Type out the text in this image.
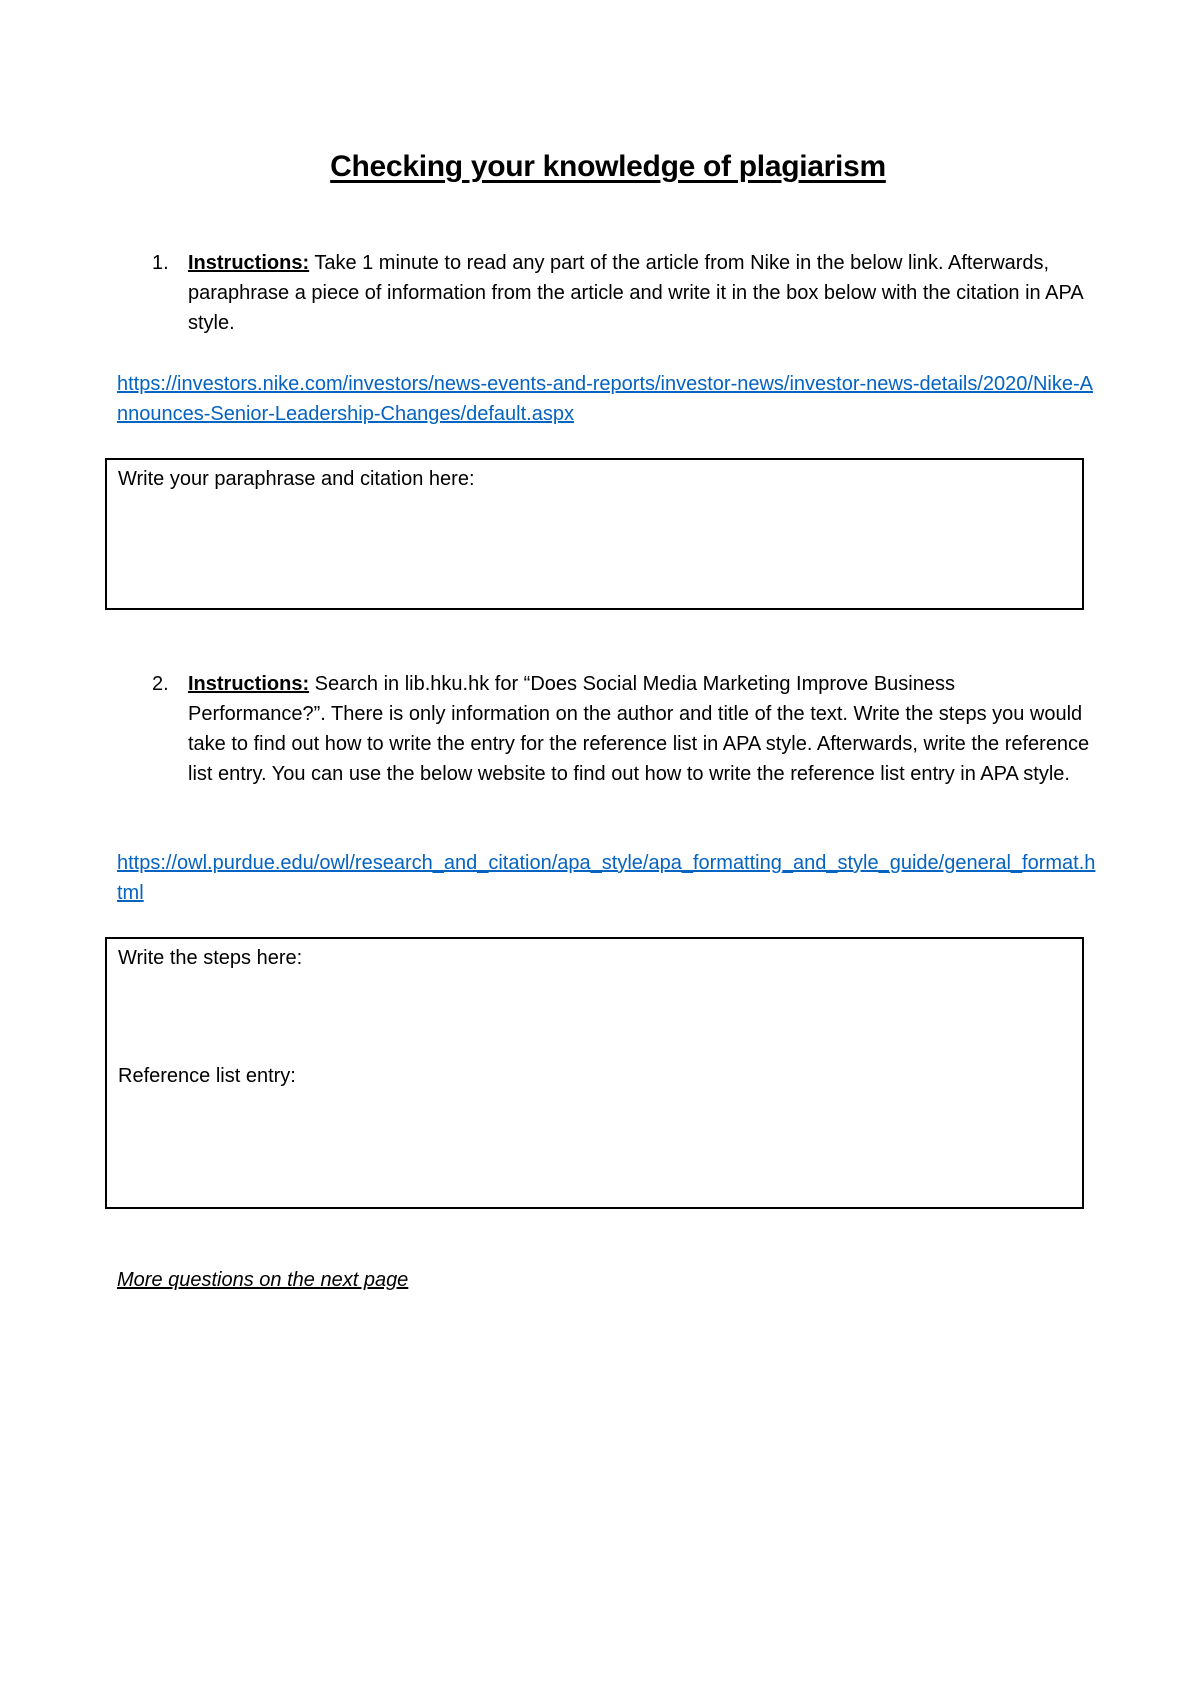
Checking your knowledge of plagiarism
1. Instructions: Take 1 minute to read any part of the article from Nike in the below link. Afterwards, paraphrase a piece of information from the article and write it in the box below with the citation in APA style.
https://investors.nike.com/investors/news-events-and-reports/investor-news/investor-news-details/2020/Nike-Announces-Senior-Leadership-Changes/default.aspx
Write your paraphrase and citation here:
2. Instructions: Search in lib.hku.hk for “Does Social Media Marketing Improve Business Performance?”. There is only information on the author and title of the text. Write the steps you would take to find out how to write the entry for the reference list in APA style. Afterwards, write the reference list entry. You can use the below website to find out how to write the reference list entry in APA style.
https://owl.purdue.edu/owl/research_and_citation/apa_style/apa_formatting_and_style_guide/general_format.html
Write the steps here:
Reference list entry:
More questions on the next page
